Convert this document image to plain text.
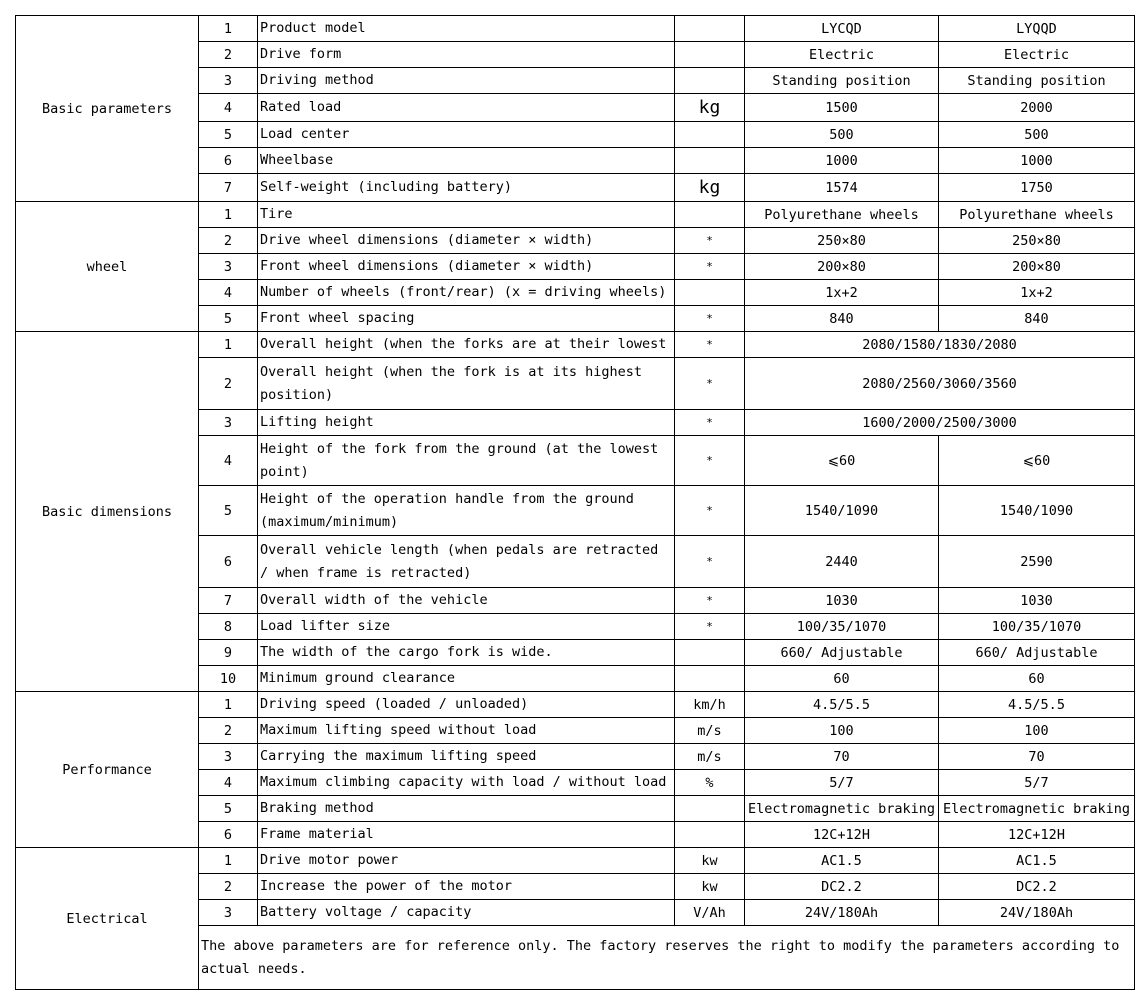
Basic parameters	1	Product model		LYCQD	LYQQD
	2	Drive form		Electric	Electric
	3	Driving method		Standing position	Standing position
	4	Rated load	kg	1500	2000
	5	Load center		500	500
	6	Wheelbase		1000	1000
	7	Self-weight (including battery)	kg	1574	1750
wheel	1	Tire		Polyurethane wheels	Polyurethane wheels
	2	Drive wheel dimensions (diameter × width)	*	250×80	250×80
	3	Front wheel dimensions (diameter × width)	*	200×80	200×80
	4	Number of wheels (front/rear) (x = driving wheels)		1x+2	1x+2
	5	Front wheel spacing	*	840	840
Basic dimensions	1	Overall height (when the forks are at their lowest	*	2080/1580/1830/2080	
	2	Overall height (when the fork is at its highest position)	*	2080/2560/3060/3560	
	3	Lifting height	*	1600/2000/2500/3000	
	4	Height of the fork from the ground (at the lowest point)	*	⩽60	⩽60
	5	Height of the operation handle from the ground (maximum/minimum)	*	1540/1090	1540/1090
	6	Overall vehicle length (when pedals are retracted / when frame is retracted)	*	2440	2590
	7	Overall width of the vehicle	*	1030	1030
	8	Load lifter size	*	100/35/1070	100/35/1070
	9	The width of the cargo fork is wide.		660/ Adjustable	660/ Adjustable
	10	Minimum ground clearance		60	60
Performance	1	Driving speed (loaded / unloaded)	km/h	4.5/5.5	4.5/5.5
	2	Maximum lifting speed without load	m/s	100	100
	3	Carrying the maximum lifting speed	m/s	70	70
	4	Maximum climbing capacity with load / without load	%	5/7	5/7
	5	Braking method		Electromagnetic braking	Electromagnetic braking
	6	Frame material		12C+12H	12C+12H
Electrical	1	Drive motor power	kw	AC1.5	AC1.5
	2	Increase the power of the motor	kw	DC2.2	DC2.2
	3	Battery voltage / capacity	V/Ah	24V/180Ah	24V/180Ah
	The above parameters are for reference only. The factory reserves the right to modify the parameters according to actual needs.				
